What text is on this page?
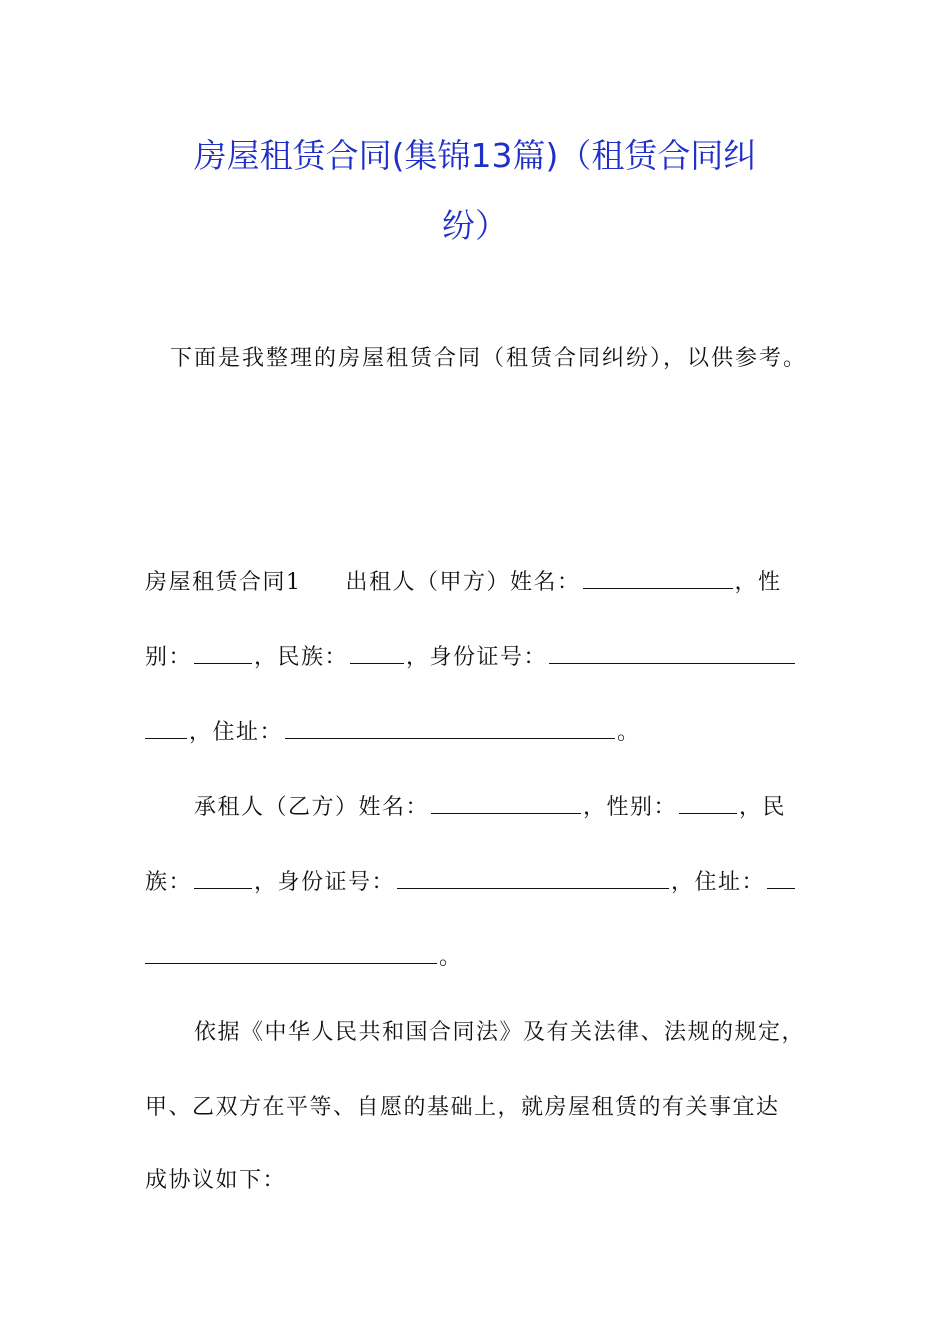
房屋租赁合同(集锦13篇)（租赁合同纠
纷）
下面是我整理的房屋租赁合同（租赁合同纠纷），以供参考。
房屋租赁合同1 出租人（甲方）姓名：	，性
别：	，民族：	，身份证号：
，住址：	。
承租人（乙方）姓名：	，性别：	，民
族：	，身份证号：	，住址：
。
依据《中华人民共和国合同法》及有关法律、法规的规定，
甲、乙双方在平等、自愿的基础上，就房屋租赁的有关事宜达
成协议如下：
